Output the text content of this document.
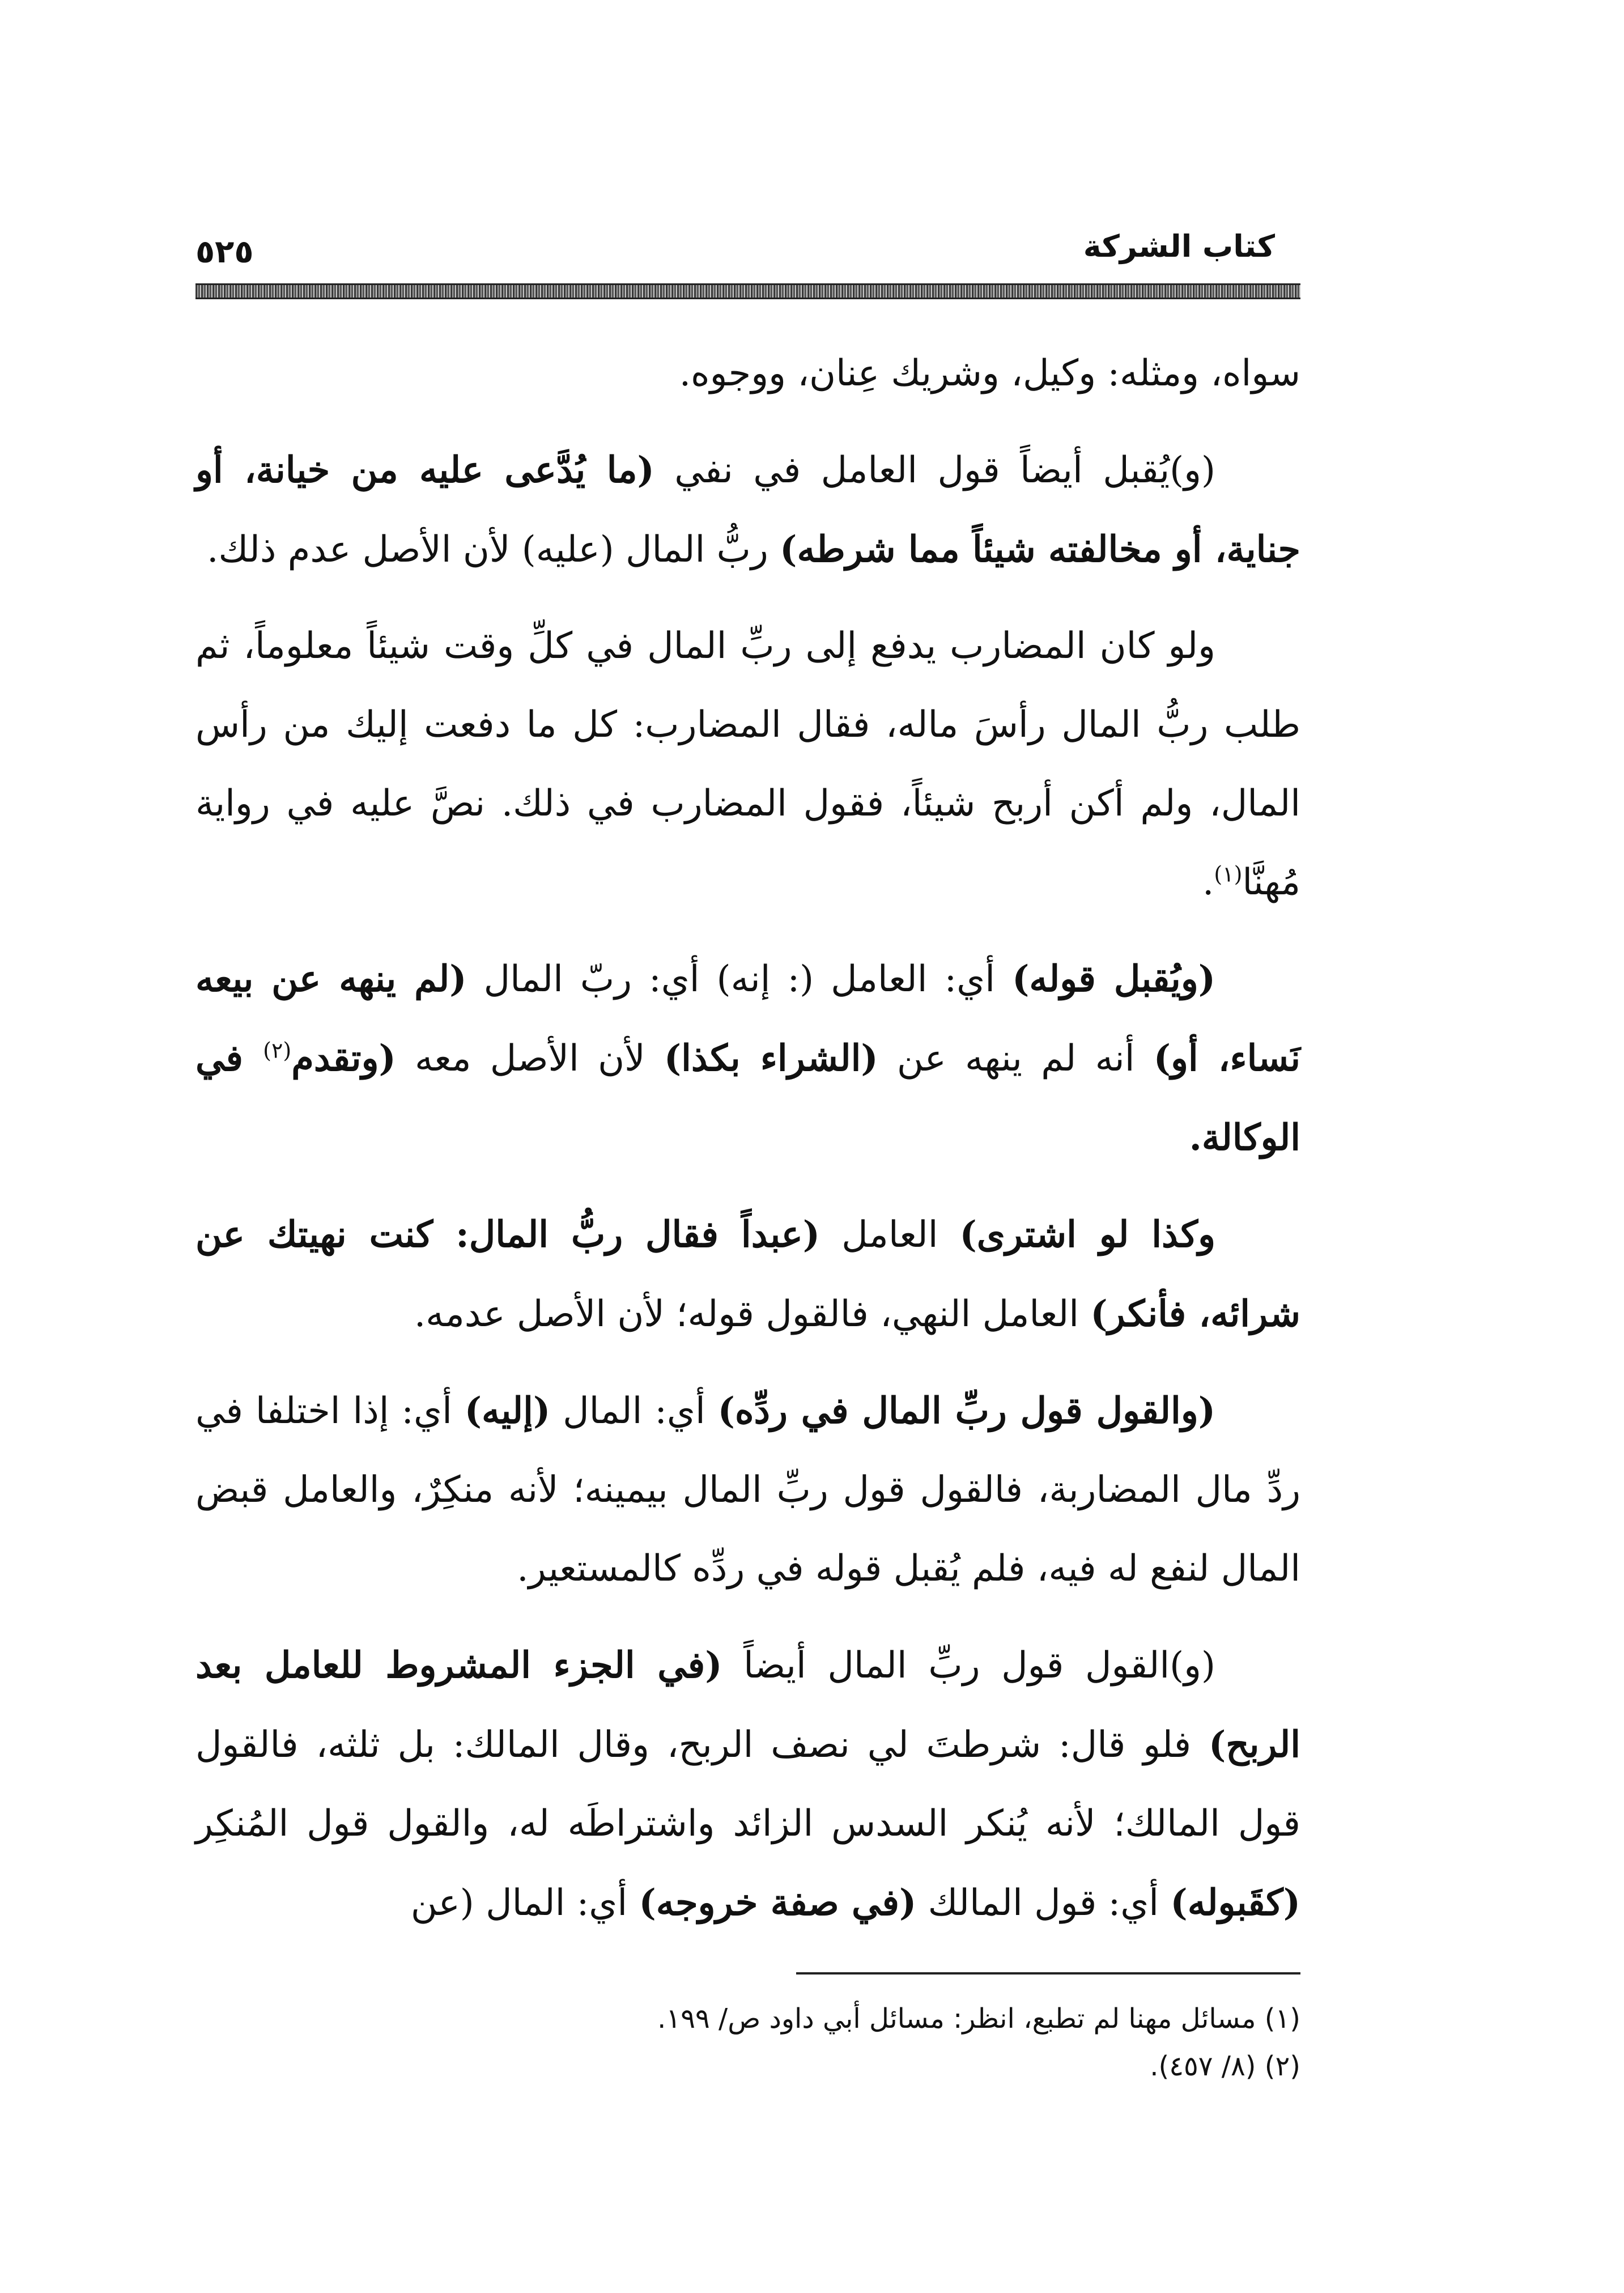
كتاب الشركة
٥٢٥

سواه، ومثله: وكيل، وشريك عِنان، ووجوه.

(و)يُقبل أيضاً قول العامل في نفي (ما يُدَّعى عليه من خيانة، أو جناية، أو مخالفته شيئاً مما شرطه) ربُّ المال (عليه) لأن الأصل عدم ذلك.

ولو كان المضارب يدفع إلى ربِّ المال في كلِّ وقت شيئاً معلوماً، ثم طلب ربُّ المال رأسَ ماله، فقال المضارب: كل ما دفعت إليك من رأس المال، ولم أكن أربح شيئاً، فقول المضارب في ذلك. نصَّ عليه في رواية مُهنَّا$^{(١)}$.

(ويُقبل قوله) أي: العامل (: إنه) أي: ربّ المال (لم ينهه عن بيعه نَساء، أو) أنه لم ينهه عن (الشراء بكذا) لأن الأصل معه (وتقدم$^{(٢)}$ في الوكالة.

وكذا لو اشترى) العامل (عبداً فقال ربُّ المال: كنت نهيتك عن شرائه، فأنكر) العامل النهي، فالقول قوله؛ لأن الأصل عدمه.

(والقول قول ربِّ المال في ردِّه) أي: المال (إليه) أي: إذا اختلفا في ردِّ مال المضاربة، فالقول قول ربِّ المال بيمينه؛ لأنه منكِرٌ، والعامل قبض المال لنفع له فيه، فلم يُقبل قوله في ردِّه كالمستعير.

(و)القول قول ربِّ المال أيضاً (في الجزء المشروط للعامل بعد الربح) فلو قال: شرطتَ لي نصف الربح، وقال المالك: بل ثلثه، فالقول قول المالك؛ لأنه يُنكر السدس الزائد واشتراطَه له، والقول قول المُنكِر (كقَبوله) أي: قول المالك (في صفة خروجه) أي: المال (عن

(١) مسائل مهنا لم تطبع، انظر: مسائل أبي داود ص/ ١٩٩.
(٢) (٨/ ٤٥٧).
